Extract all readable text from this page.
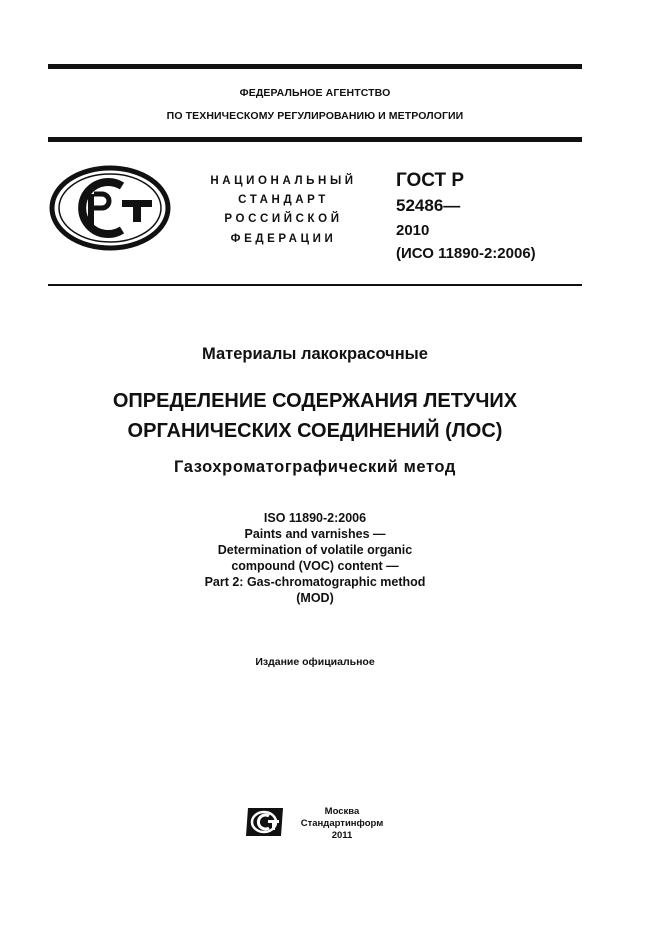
ФЕДЕРАЛЬНОЕ АГЕНТСТВО
ПО ТЕХНИЧЕСКОМУ РЕГУЛИРОВАНИЮ И МЕТРОЛОГИИ
НАЦИОНАЛЬНЫЙ
СТАНДАРТ
РОССИЙСКОЙ
ФЕДЕРАЦИИ
ГОСТ Р
52486—
2010
(ИСО 11890-2:2006)
Материалы лакокрасочные
ОПРЕДЕЛЕНИЕ СОДЕРЖАНИЯ ЛЕТУЧИХ
ОРГАНИЧЕСКИХ СОЕДИНЕНИЙ (ЛОС)
Газохроматографический метод
ISO 11890-2:2006
Paints and varnishes —
Determination of volatile organic
compound (VOC) content —
Part 2: Gas-chromatographic method
(MOD)
Издание официальное
Москва
Стандартинформ
2011
